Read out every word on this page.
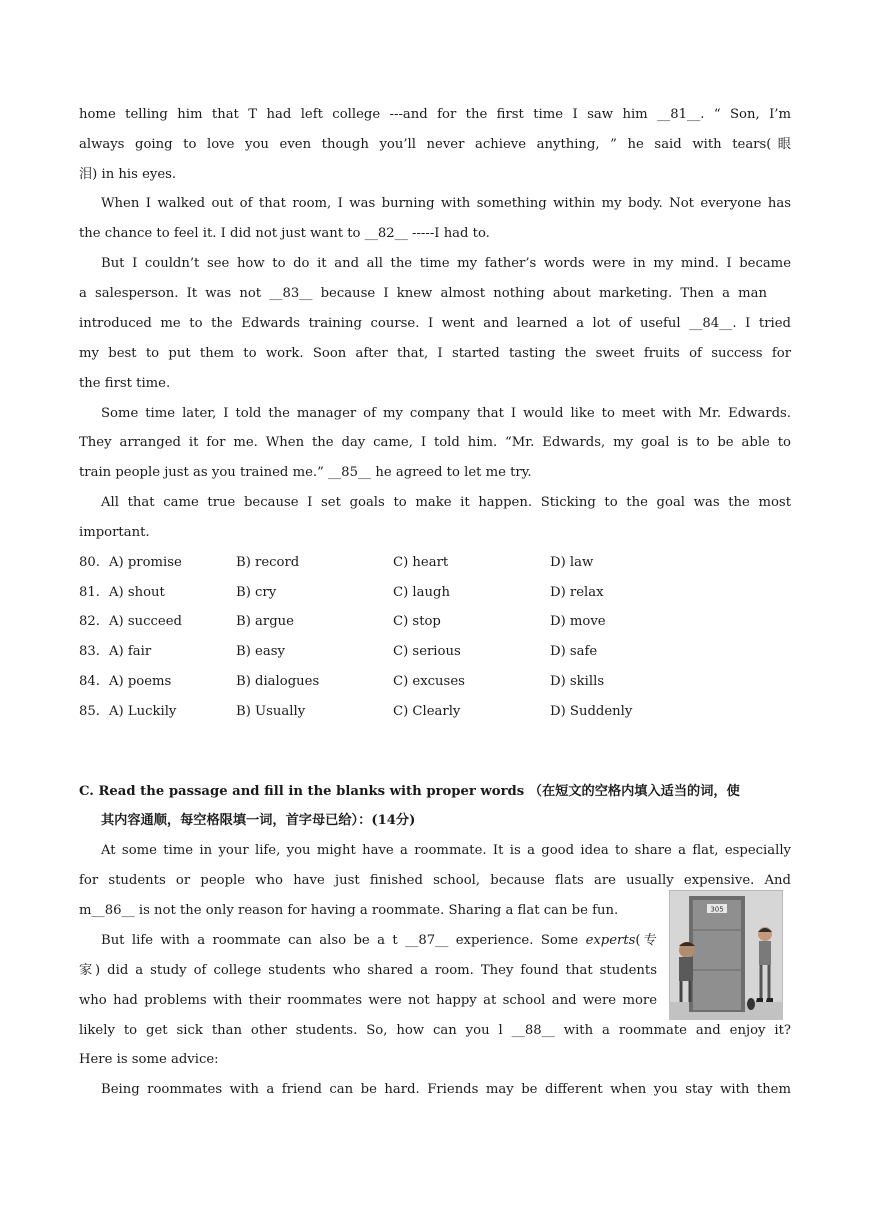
home telling him that T had left college ---and for the first time I saw him __81__. “ Son, I’m
always going to love you even though you’ll never achieve anything, ” he said with tears(眼
泪) in his eyes.
When I walked out of that room, I was burning with something within my body. Not everyone has
the chance to feel it. I did not just want to __82__ -----I had to.
But I couldn’t see how to do it and all the time my father’s words were in my mind. I became
a salesperson. It was not __83__ because I knew almost nothing about marketing. Then a man
introduced me to the Edwards training course. I went and learned a lot of useful __84__. I tried
my best to put them to work. Soon after that, I started tasting the sweet fruits of success for
the first time.
Some time later, I told the manager of my company that I would like to meet with Mr. Edwards.
They arranged it for me. When the day came, I told him. “Mr. Edwards, my goal is to be able to
train people just as you trained me.” __85__ he agreed to let me try.
All that came true because I set goals to make it happen. Sticking to the goal was the most
important.
80. A) promise	B) record	C) heart	D) law
81. A) shout	B) cry	C) laugh	D) relax
82. A) succeed	B) argue	C) stop	D) move
83. A) fair	B) easy	C) serious	D) safe
84. A) poems	B) dialogues	C) excuses	D) skills
85. A) Luckily	B) Usually	C) Clearly	D) Suddenly
C. Read the passage and fill in the blanks with proper words （在短文的空格内填入适当的词，使
其内容通顺，每空格限填一词，首字母已给）：(14分)
At some time in your life, you might have a roommate. It is a good idea to share a flat, especially
for students or people who have just finished school, because flats are usually expensive. And
m__86__ is not the only reason for having a roommate. Sharing a flat can be fun.
But life with a roommate can also be a t __87__ experience. Some experts(专
家) did a study of college students who shared a room. They found that students
who had problems with their roommates were not happy at school and were more
likely to get sick than other students. So, how can you l __88__ with a roommate and enjoy it?
Here is some advice:
Being roommates with a friend can be hard. Friends may be different when you stay with them
305
